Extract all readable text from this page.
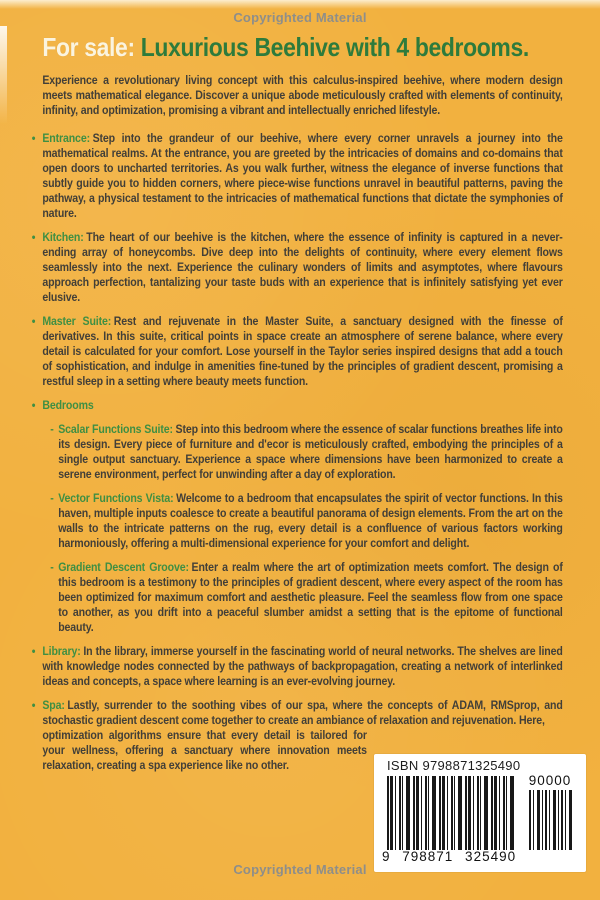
Copyrighted Material
For sale: Luxurious Beehive with 4 bedrooms.

Experience a revolutionary living concept with this calculus-inspired beehive, where modern design meets mathematical elegance. Discover a unique abode meticulously crafted with elements of continuity, infinity, and optimization, promising a vibrant and intellectually enriched lifestyle.

• Entrance: Step into the grandeur of our beehive, where every corner unravels a journey into the mathematical realms. At the entrance, you are greeted by the intricacies of domains and co-domains that open doors to uncharted territories. As you walk further, witness the elegance of inverse functions that subtly guide you to hidden corners, where piece-wise functions unravel in beautiful patterns, paving the pathway, a physical testament to the intricacies of mathematical functions that dictate the symphonies of nature.
• Kitchen: The heart of our beehive is the kitchen, where the essence of infinity is captured in a never-ending array of honeycombs. Dive deep into the delights of continuity, where every element flows seamlessly into the next. Experience the culinary wonders of limits and asymptotes, where flavours approach perfection, tantalizing your taste buds with an experience that is infinitely satisfying yet ever elusive.
• Master Suite: Rest and rejuvenate in the Master Suite, a sanctuary designed with the finesse of derivatives. In this suite, critical points in space create an atmosphere of serene balance, where every detail is calculated for your comfort. Lose yourself in the Taylor series inspired designs that add a touch of sophistication, and indulge in amenities fine-tuned by the principles of gradient descent, promising a restful sleep in a setting where beauty meets function.
• Bedrooms
- Scalar Functions Suite: Step into this bedroom where the essence of scalar functions breathes life into its design. Every piece of furniture and d'ecor is meticulously crafted, embodying the principles of a single output sanctuary. Experience a space where dimensions have been harmonized to create a serene environment, perfect for unwinding after a day of exploration.
- Vector Functions Vista: Welcome to a bedroom that encapsulates the spirit of vector functions. In this haven, multiple inputs coalesce to create a beautiful panorama of design elements. From the art on the walls to the intricate patterns on the rug, every detail is a confluence of various factors working harmoniously, offering a multi-dimensional experience for your comfort and delight.
- Gradient Descent Groove: Enter a realm where the art of optimization meets comfort. The design of this bedroom is a testimony to the principles of gradient descent, where every aspect of the room has been optimized for maximum comfort and aesthetic pleasure. Feel the seamless flow from one space to another, as you drift into a peaceful slumber amidst a setting that is the epitome of functional beauty.
• Library: In the library, immerse yourself in the fascinating world of neural networks. The shelves are lined with knowledge nodes connected by the pathways of backpropagation, creating a network of interlinked ideas and concepts, a space where learning is an ever-evolving journey.
• Spa: Lastly, surrender to the soothing vibes of our spa, where the concepts of ADAM, RMSprop, and stochastic gradient descent come together to create an ambiance of relaxation and rejuvenation. Here,
optimization algorithms ensure that every detail is tailored for your wellness, offering a sanctuary where innovation meets relaxation, creating a spa experience like no other.	ISBN 9798871325490
9 798871 325490
90000
Copyrighted Material
